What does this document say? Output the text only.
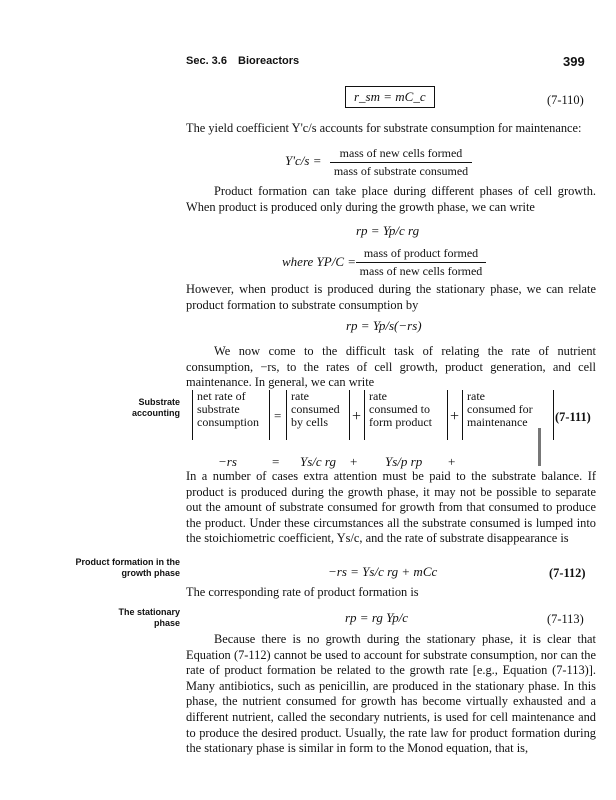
Sec. 3.6 Bioreactors	399
r_sm = mC_c	(7-110)
The yield coefficient Y'c/s accounts for substrate consumption for maintenance:
Y'c/s =	mass of new cells formed
mass of substrate consumed
Product formation can take place during different phases of cell growth. When product is produced only during the growth phase, we can write
rp = Yp/c rg
where YP/C =
mass of product formed
mass of new cells formed
However, when product is produced during the stationary phase, we can relate product formation to substrate consumption by
rp = Yp/s(−rs)
We now come to the difficult task of relating the rate of nutrient consumption, −rs, to the rates of cell growth, product generation, and cell maintenance. In general, we can write
Substrate accounting
net rate of
substrate
consumption	=
rate
consumed
by cells	+
rate
consumed to
form product	+
rate
consumed for
maintenance	(7-111)
−rs	= Ys/c rg + Ys/p rp +
In a number of cases extra attention must be paid to the substrate balance. If product is produced during the growth phase, it may not be possible to separate out the amount of substrate consumed for growth from that consumed to produce the product. Under these circumstances all the substrate consumed is lumped into the stoichiometric coefficient, Ys/c, and the rate of substrate disappearance is
Product formation in the growth phase	−rs = Ys/c rg + mCc	(7-112)
The corresponding rate of product formation is
The stationary phase	rp = rg Yp/c	(7-113)
Because there is no growth during the stationary phase, it is clear that Equation (7-112) cannot be used to account for substrate consumption, nor can the rate of product formation be related to the growth rate [e.g., Equation (7-113)]. Many antibiotics, such as penicillin, are produced in the stationary phase. In this phase, the nutrient consumed for growth has become virtually exhausted and a different nutrient, called the secondary nutrients, is used for cell maintenance and to produce the desired product. Usually, the rate law for product formation during the stationary phase is similar in form to the Monod equation, that is,
